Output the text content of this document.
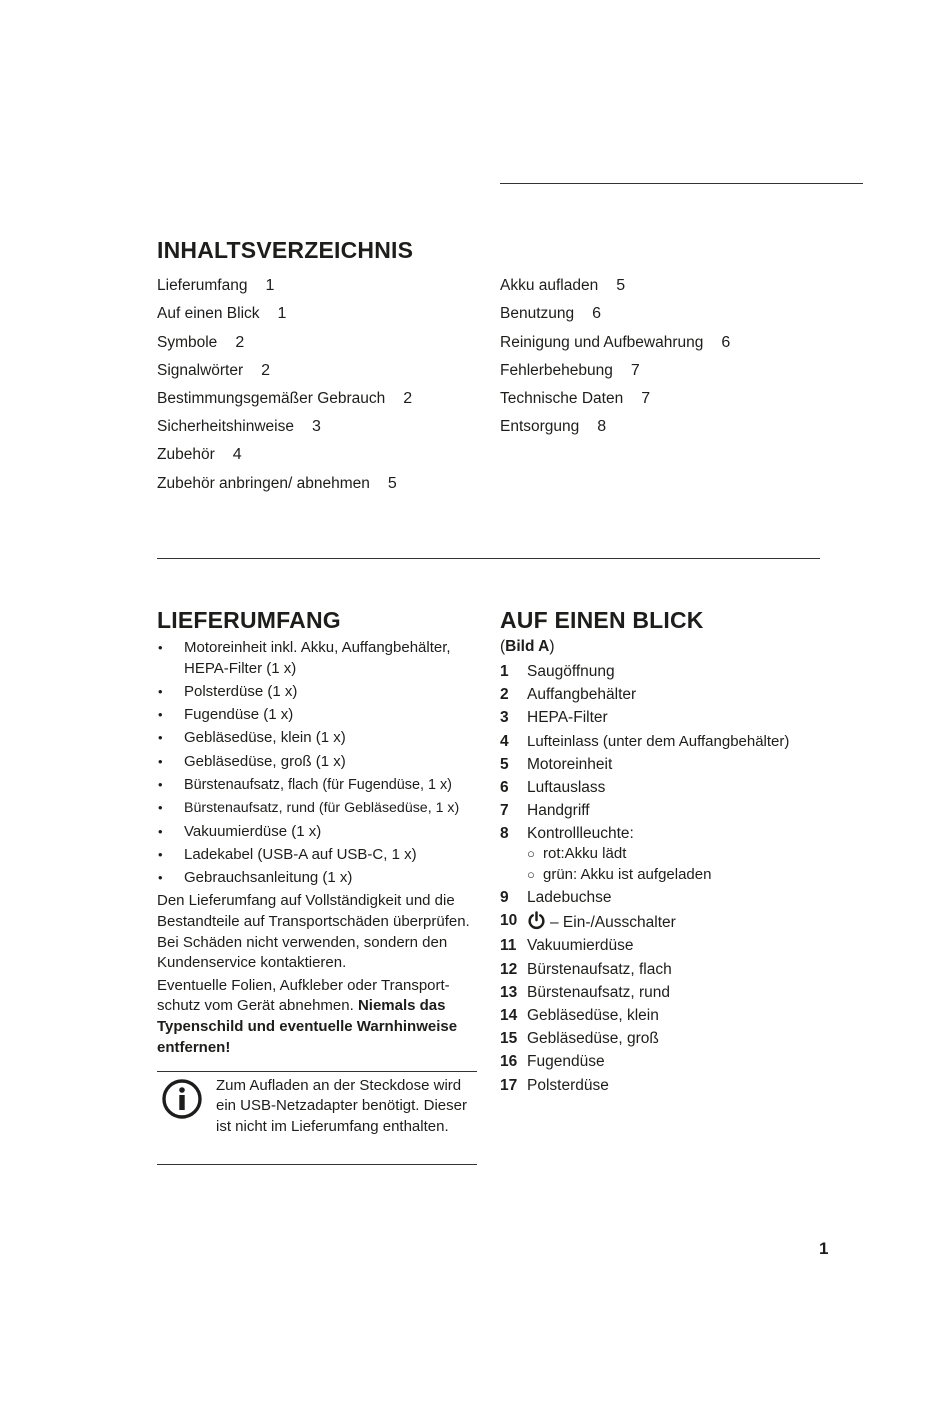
INHALTSVERZEICHNIS
Lieferumfang 1
Auf einen Blick 1
Symbole 2
Signalwörter 2
Bestimmungsgemäßer Gebrauch 2
Sicherheitshinweise 3
Zubehör 4
Zubehör anbringen/ abnehmen 5
Akku aufladen 5
Benutzung 6
Reinigung und Aufbewahrung 6
Fehlerbehebung 7
Technische Daten 7
Entsorgung 8
LIEFERUMFANG
• Motoreinheit inkl. Akku, Auffangbehälter, HEPA-Filter (1 x)
• Polsterdüse (1 x)
• Fugendüse (1 x)
• Gebläsedüse, klein (1 x)
• Gebläsedüse, groß (1 x)
• Bürstenaufsatz, flach (für Fugendüse, 1 x)
• Bürstenaufsatz, rund (für Gebläsedüse, 1 x)
• Vakuumierdüse (1 x)
• Ladekabel (USB-A auf USB-C, 1 x)
• Gebrauchsanleitung (1 x)

Den Lieferumfang auf Vollständigkeit und die Bestandteile auf Transportschäden überprüfen. Bei Schäden nicht verwenden, sondern den Kundenservice kontaktieren.

Eventuelle Folien, Aufkleber oder Transportschutz vom Gerät abnehmen. Niemals das Typenschild und eventuelle Warnhinweise entfernen!

Zum Aufladen an der Steckdose wird ein USB-Netzadapter benötigt. Dieser ist nicht im Lieferumfang enthalten.
AUF EINEN BLICK
(Bild A)
1 Saugöffnung
2 Auffangbehälter
3 HEPA-Filter
4 Lufteinlass (unter dem Auffangbehälter)
5 Motoreinheit
6 Luftauslass
7 Handgriff
8 Kontrollleuchte:
○ rot:Akku lädt
○ grün: Akku ist aufgeladen
9 Ladebuchse
10 – Ein-/Ausschalter
11 Vakuumierdüse
12 Bürstenaufsatz, flach
13 Bürstenaufsatz, rund
14 Gebläsedüse, klein
15 Gebläsedüse, groß
16 Fugendüse
17 Polsterdüse
1
